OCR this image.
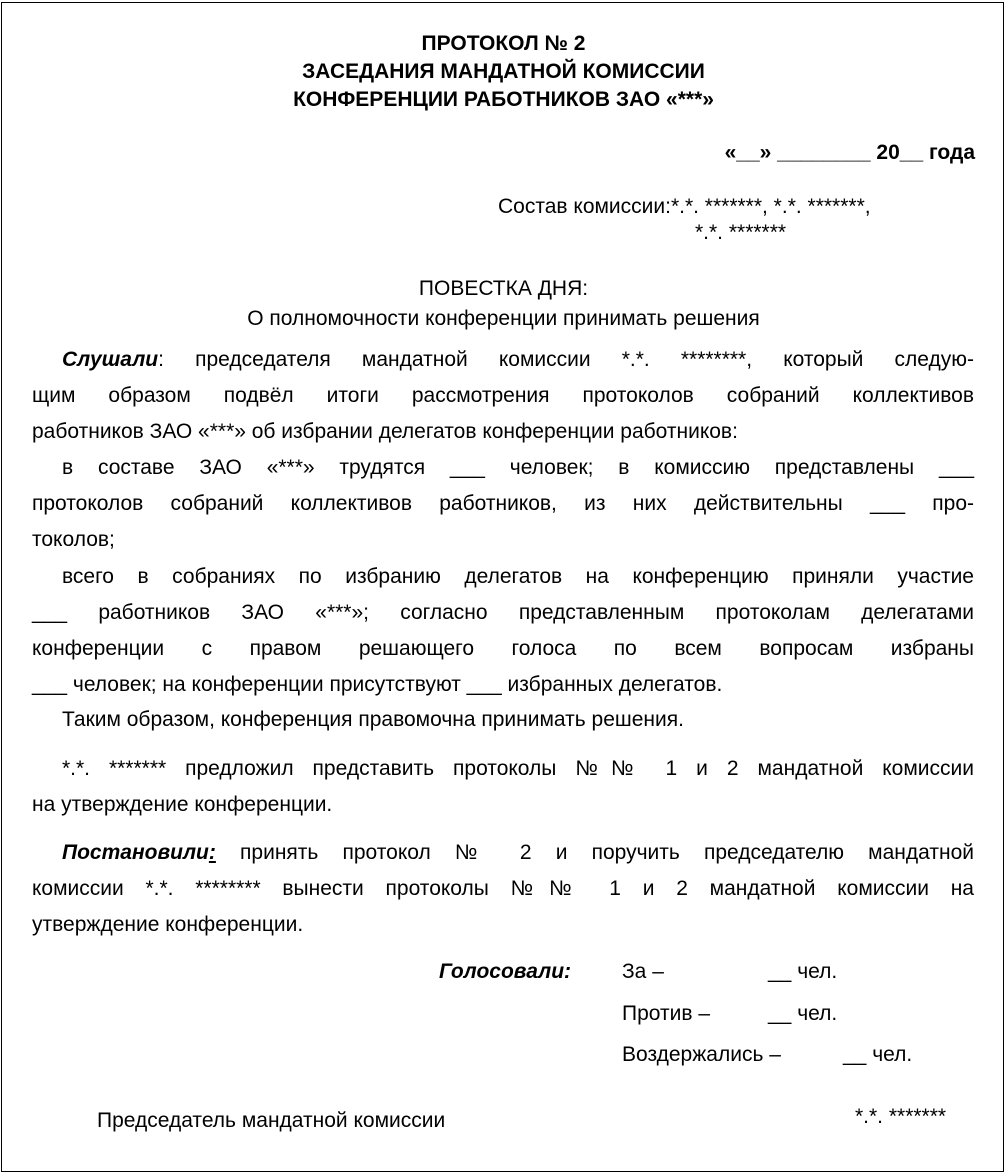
ПРОТОКОЛ № 2
ЗАСЕДАНИЯ МАНДАТНОЙ КОМИССИИ
КОНФЕРЕНЦИИ РАБОТНИКОВ ЗАО «***»
«__» ________ 20__ года
Состав комиссии:*.*. *******, *.*. *******,
*.*. *******
ПОВЕСТКА ДНЯ:
О полномочности конференции принимать решения
Слушали: председателя мандатной комиссии *.*. ********, который следую-
щим образом подвёл итоги рассмотрения протоколов собраний коллективов
работников ЗАО «***» об избрании делегатов конференции работников:
в составе ЗАО «***» трудятся ___ человек; в комиссию представлены ___
протоколов собраний коллективов работников, из них действительны ___ про-
токолов;
всего в собраниях по избранию делегатов на конференцию приняли участие
___ работников ЗАО «***»; согласно представленным протоколам делегатами
конференции с правом решающего голоса по всем вопросам избраны
___ человек; на конференции присутствуют ___ избранных делегатов.
Таким образом, конференция правомочна принимать решения.
*.*. ******* предложил представить протоколы №№ 1 и 2 мандатной комиссии
на утверждение конференции.
Постановили: принять протокол № 2 и поручить председателю мандатной
комиссии *.*. ******** вынести протоколы №№ 1 и 2 мандатной комиссии на
утверждение конференции.
Голосовали: За –	__ чел.
Против –	__ чел.
Воздержались –	__ чел.
Председатель мандатной комиссии	*.*. *******
